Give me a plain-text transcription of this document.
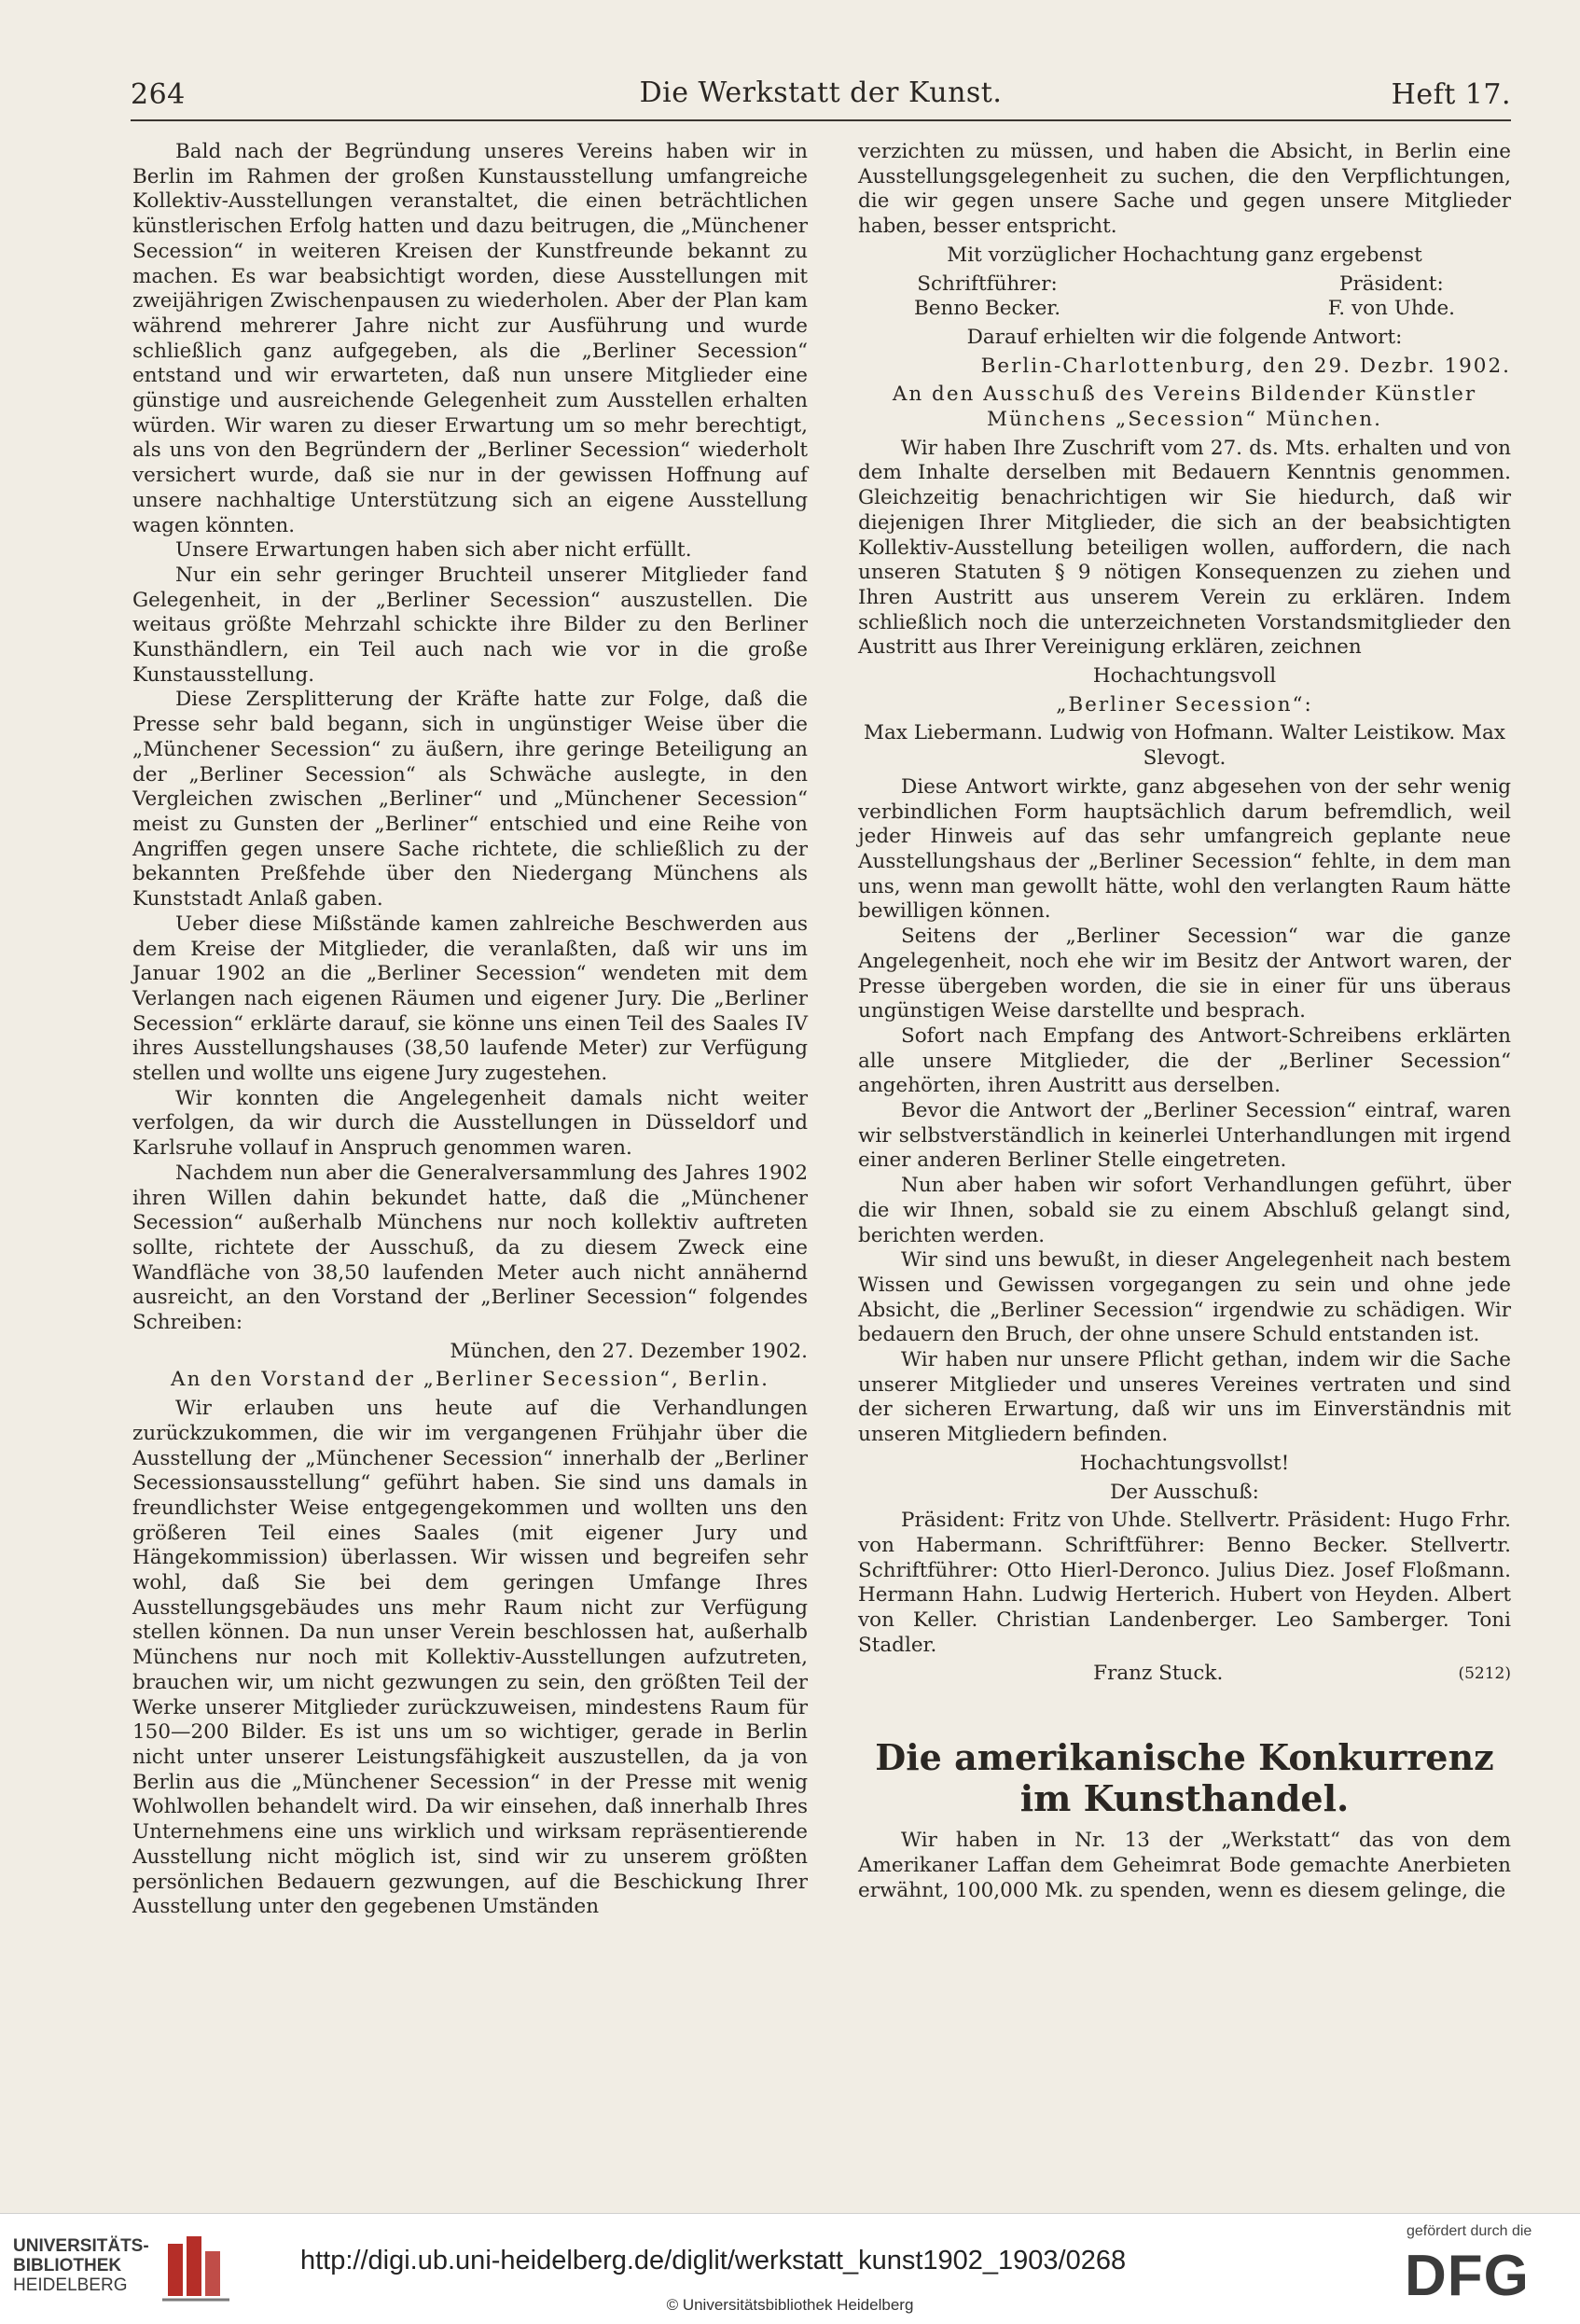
264	Die Werkstatt der Kunst.	Heft 17.

Bald nach der Begründung unseres Vereins haben wir in Berlin im Rahmen der großen Kunstausstellung umfangreiche Kollektiv-Ausstellungen veranstaltet, die einen beträchtlichen künstlerischen Erfolg hatten und dazu beitrugen, die „Münchener Secession“ in weiteren Kreisen der Kunstfreunde bekannt zu machen. Es war beabsichtigt worden, diese Ausstellungen mit zweijährigen Zwischenpausen zu wiederholen. Aber der Plan kam während mehrerer Jahre nicht zur Ausführung und wurde schließlich ganz aufgegeben, als die „Berliner Secession“ entstand und wir erwarteten, daß nun unsere Mitglieder eine günstige und ausreichende Gelegenheit zum Ausstellen erhalten würden. Wir waren zu dieser Erwartung um so mehr berechtigt, als uns von den Begründern der „Berliner Secession“ wiederholt versichert wurde, daß sie nur in der gewissen Hoffnung auf unsere nachhaltige Unterstützung sich an eigene Ausstellung wagen könnten.

Unsere Erwartungen haben sich aber nicht erfüllt.

Nur ein sehr geringer Bruchteil unserer Mitglieder fand Gelegenheit, in der „Berliner Secession“ auszustellen. Die weitaus größte Mehrzahl schickte ihre Bilder zu den Berliner Kunsthändlern, ein Teil auch nach wie vor in die große Kunstausstellung.

Diese Zersplitterung der Kräfte hatte zur Folge, daß die Presse sehr bald begann, sich in ungünstiger Weise über die „Münchener Secession“ zu äußern, ihre geringe Beteiligung an der „Berliner Secession“ als Schwäche auslegte, in den Vergleichen zwischen „Berliner“ und „Münchener Secession“ meist zu Gunsten der „Berliner“ entschied und eine Reihe von Angriffen gegen unsere Sache richtete, die schließlich zu der bekannten Preßfehde über den Niedergang Münchens als Kunststadt Anlaß gaben.

Ueber diese Mißstände kamen zahlreiche Beschwerden aus dem Kreise der Mitglieder, die veranlaßten, daß wir uns im Januar 1902 an die „Berliner Secession“ wendeten mit dem Verlangen nach eigenen Räumen und eigener Jury. Die „Berliner Secession“ erklärte darauf, sie könne uns einen Teil des Saales IV ihres Ausstellungshauses (38,50 laufende Meter) zur Verfügung stellen und wollte uns eigene Jury zugestehen.

Wir konnten die Angelegenheit damals nicht weiter verfolgen, da wir durch die Ausstellungen in Düsseldorf und Karlsruhe vollauf in Anspruch genommen waren.

Nachdem nun aber die Generalversammlung des Jahres 1902 ihren Willen dahin bekundet hatte, daß die „Münchener Secession“ außerhalb Münchens nur noch kollektiv auftreten sollte, richtete der Ausschuß, da zu diesem Zweck eine Wandfläche von 38,50 laufenden Meter auch nicht annähernd ausreicht, an den Vorstand der „Berliner Secession“ folgendes Schreiben:

München, den 27. Dezember 1902.

An den Vorstand der „Berliner Secession“, Berlin.

Wir erlauben uns heute auf die Verhandlungen zurückzukommen, die wir im vergangenen Frühjahr über die Ausstellung der „Münchener Secession“ innerhalb der „Berliner Secessionsausstellung“ geführt haben. Sie sind uns damals in freundlichster Weise entgegengekommen und wollten uns den größeren Teil eines Saales (mit eigener Jury und Hängekommission) überlassen. Wir wissen und begreifen sehr wohl, daß Sie bei dem geringen Umfange Ihres Ausstellungsgebäudes uns mehr Raum nicht zur Verfügung stellen können. Da nun unser Verein beschlossen hat, außerhalb Münchens nur noch mit Kollektiv-Ausstellungen aufzutreten, brauchen wir, um nicht gezwungen zu sein, den größten Teil der Werke unserer Mitglieder zurückzuweisen, mindestens Raum für 150—200 Bilder. Es ist uns um so wichtiger, gerade in Berlin nicht unter unserer Leistungsfähigkeit auszustellen, da ja von Berlin aus die „Münchener Secession“ in der Presse mit wenig Wohlwollen behandelt wird. Da wir einsehen, daß innerhalb Ihres Unternehmens eine uns wirklich und wirksam repräsentierende Ausstellung nicht möglich ist, sind wir zu unserem größten persönlichen Bedauern gezwungen, auf die Beschickung Ihrer Ausstellung unter den gegebenen Umständen

verzichten zu müssen, und haben die Absicht, in Berlin eine Ausstellungsgelegenheit zu suchen, die den Verpflichtungen, die wir gegen unsere Sache und gegen unsere Mitglieder haben, besser entspricht.

Mit vorzüglicher Hochachtung ganz ergebenst

Schriftführer:
Benno Becker.
Präsident:
F. von Uhde.

Darauf erhielten wir die folgende Antwort:

Berlin-Charlottenburg, den 29. Dezbr. 1902.

An den Ausschuß des Vereins Bildender Künstler Münchens „Secession“ München.

Wir haben Ihre Zuschrift vom 27. ds. Mts. erhalten und von dem Inhalte derselben mit Bedauern Kenntnis genommen. Gleichzeitig benachrichtigen wir Sie hiedurch, daß wir diejenigen Ihrer Mitglieder, die sich an der beabsichtigten Kollektiv-Ausstellung beteiligen wollen, auffordern, die nach unseren Statuten § 9 nötigen Konsequenzen zu ziehen und Ihren Austritt aus unserem Verein zu erklären. Indem schließlich noch die unterzeichneten Vorstandsmitglieder den Austritt aus Ihrer Vereinigung erklären, zeichnen

Hochachtungsvoll

„Berliner Secession“:

Max Liebermann. Ludwig von Hofmann. Walter Leistikow. Max Slevogt.

Diese Antwort wirkte, ganz abgesehen von der sehr wenig verbindlichen Form hauptsächlich darum befremdlich, weil jeder Hinweis auf das sehr umfangreich geplante neue Ausstellungshaus der „Berliner Secession“ fehlte, in dem man uns, wenn man gewollt hätte, wohl den verlangten Raum hätte bewilligen können.

Seitens der „Berliner Secession“ war die ganze Angelegenheit, noch ehe wir im Besitz der Antwort waren, der Presse übergeben worden, die sie in einer für uns überaus ungünstigen Weise darstellte und besprach.

Sofort nach Empfang des Antwort-Schreibens erklärten alle unsere Mitglieder, die der „Berliner Secession“ angehörten, ihren Austritt aus derselben.

Bevor die Antwort der „Berliner Secession“ eintraf, waren wir selbstverständlich in keinerlei Unterhandlungen mit irgend einer anderen Berliner Stelle eingetreten.

Nun aber haben wir sofort Verhandlungen geführt, über die wir Ihnen, sobald sie zu einem Abschluß gelangt sind, berichten werden.

Wir sind uns bewußt, in dieser Angelegenheit nach bestem Wissen und Gewissen vorgegangen zu sein und ohne jede Absicht, die „Berliner Secession“ irgendwie zu schädigen. Wir bedauern den Bruch, der ohne unsere Schuld entstanden ist.

Wir haben nur unsere Pflicht gethan, indem wir die Sache unserer Mitglieder und unseres Vereines vertraten und sind der sicheren Erwartung, daß wir uns im Einverständnis mit unseren Mitgliedern befinden.

Hochachtungsvollst!

Der Ausschuß:

Präsident: Fritz von Uhde. Stellvertr. Präsident: Hugo Frhr. von Habermann. Schriftführer: Benno Becker. Stellvertr. Schriftführer: Otto Hierl-Deronco. Julius Diez. Josef Floßmann. Hermann Hahn. Ludwig Herterich. Hubert von Heyden. Albert von Keller. Christian Landenberger. Leo Samberger. Toni Stadler.

Franz Stuck.	(5212)

Die amerikanische Konkurrenz
im Kunsthandel.

Wir haben in Nr. 13 der „Werkstatt“ das von dem Amerikaner Laffan dem Geheimrat Bode gemachte Anerbieten erwähnt, 100,000 Mk. zu spenden, wenn es diesem gelinge, die

UNIVERSITÄTS-
BIBLIOTHEK
HEIDELBERG
http://digi.ub.uni-heidelberg.de/diglit/werkstatt_kunst1902_1903/0268
© Universitätsbibliothek Heidelberg
gefördert durch die
DFG
